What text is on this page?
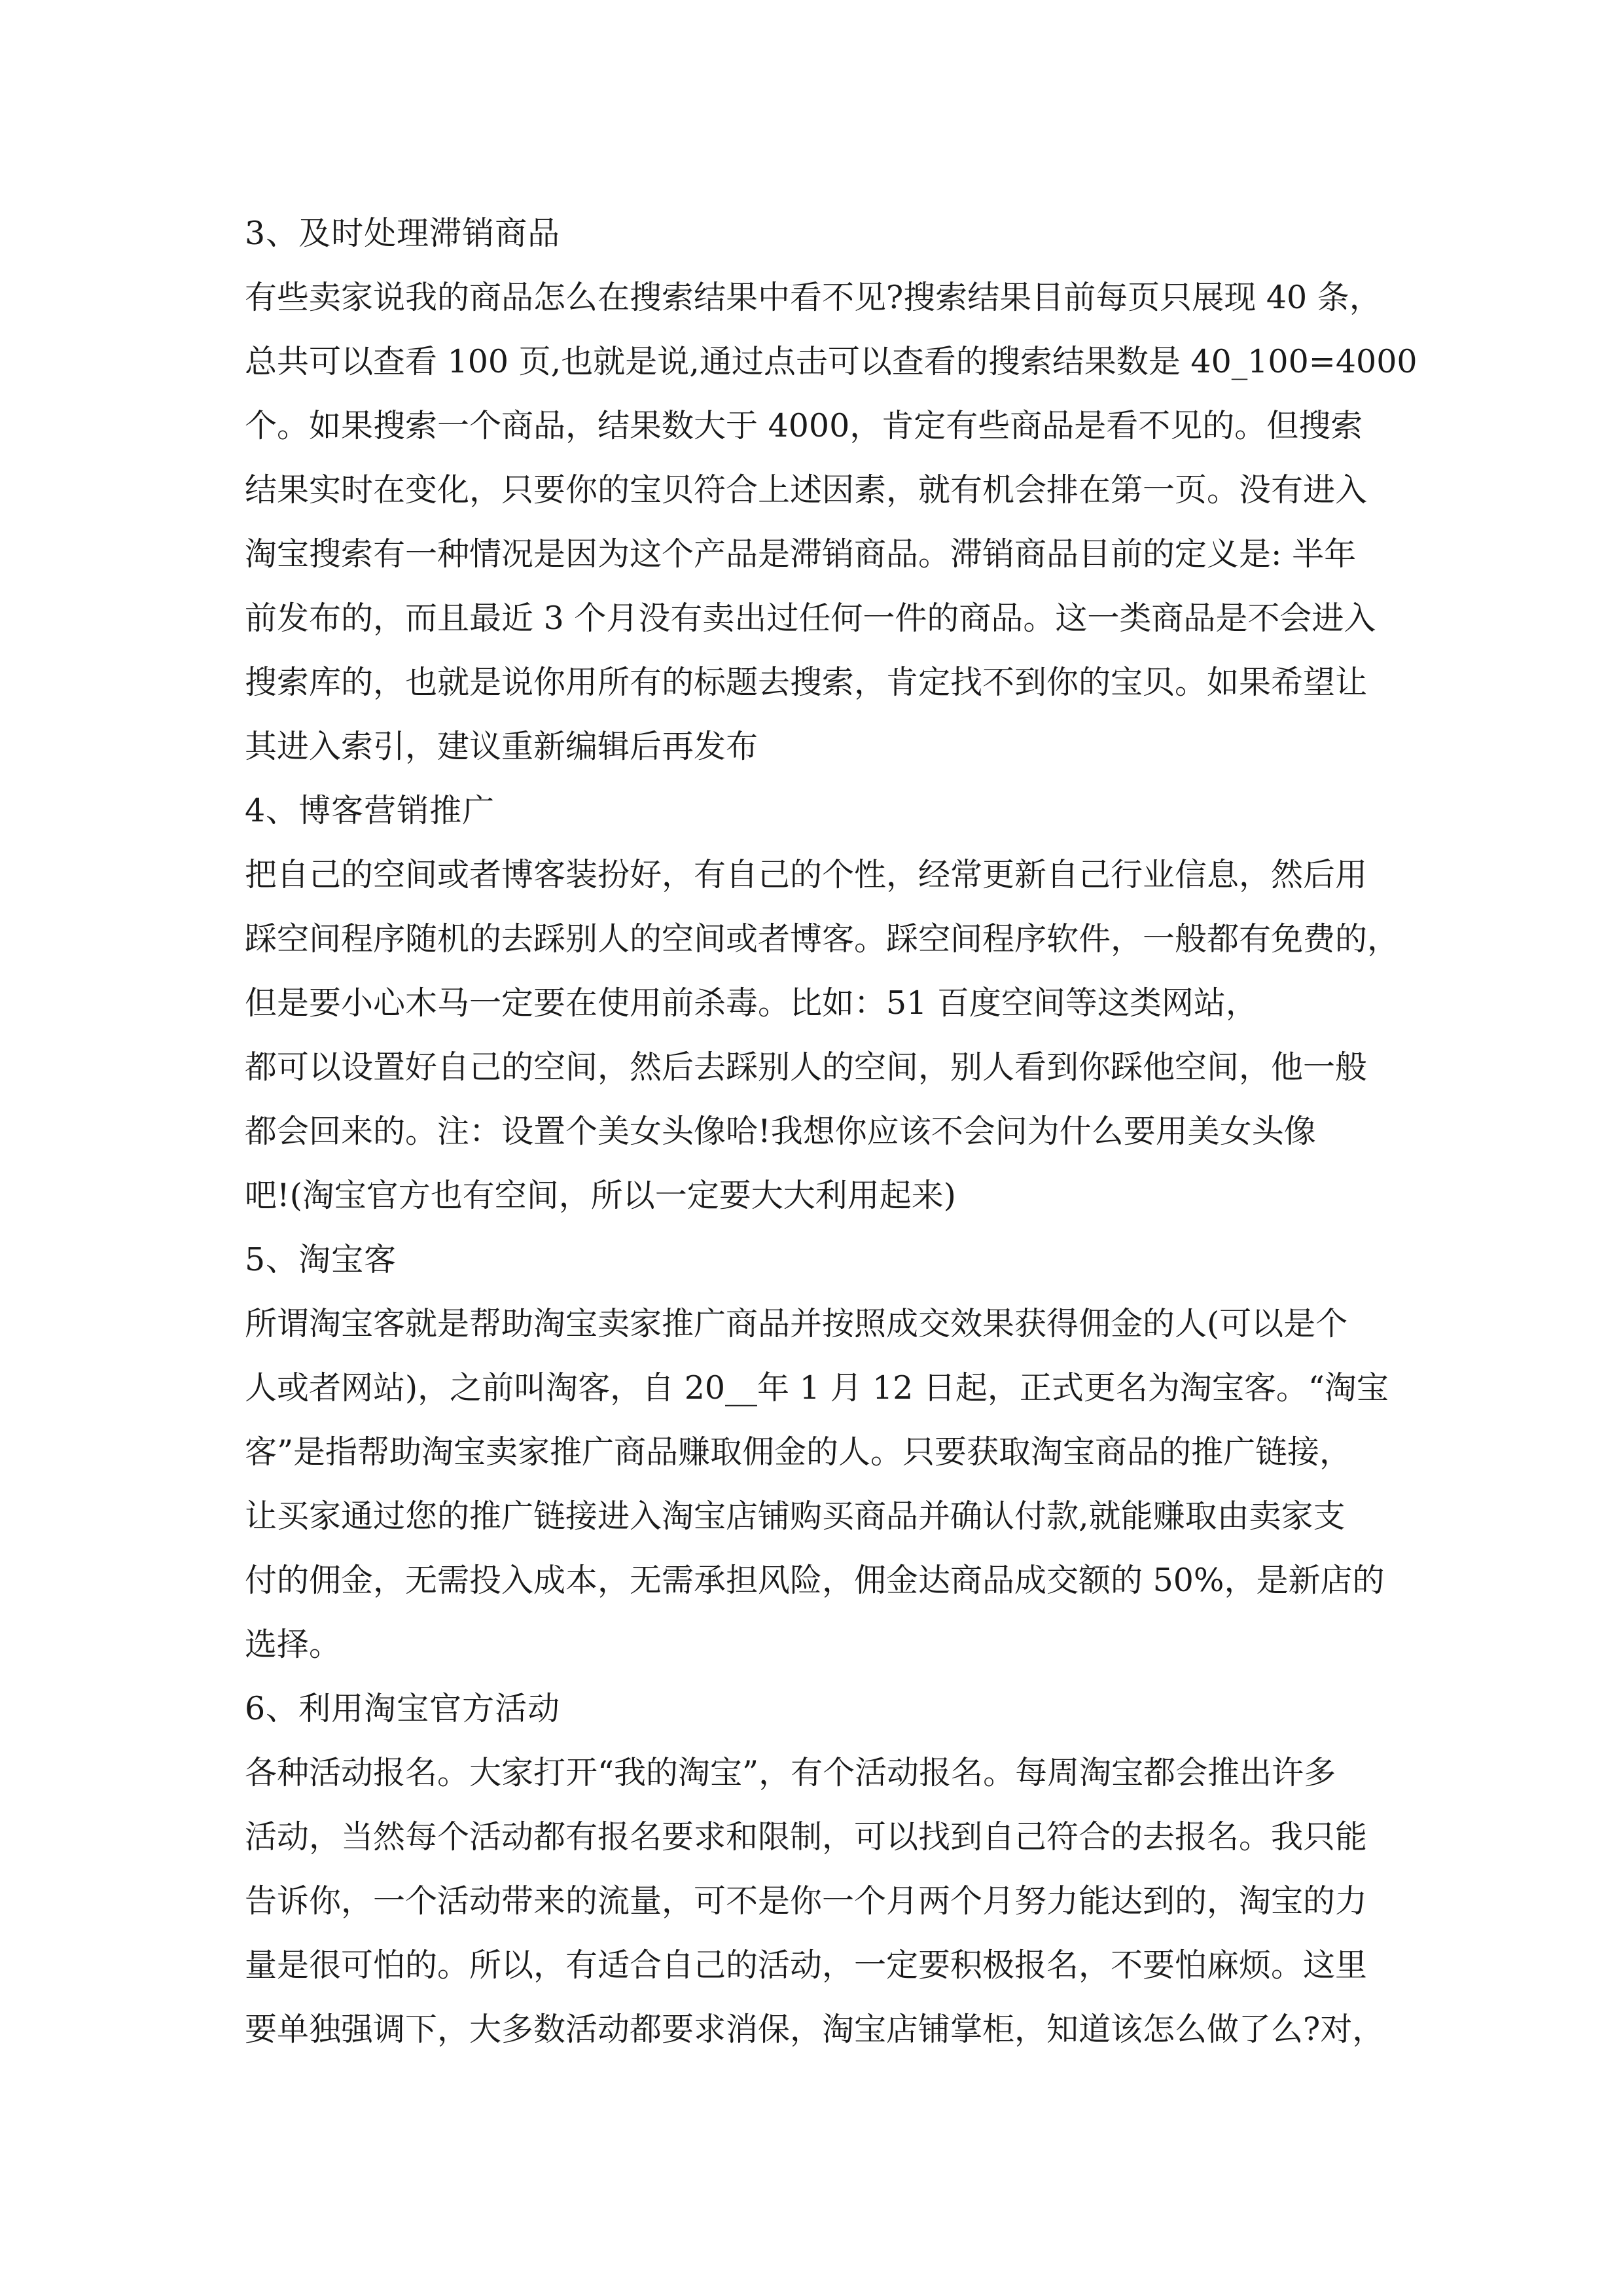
3、及时处理滞销商品
有些卖家说我的商品怎么在搜索结果中看不见?搜索结果目前每页只展现 40 条，
总共可以查看 100 页,也就是说,通过点击可以查看的搜索结果数是 40_100=4000
个。如果搜索一个商品，结果数大于 4000，肯定有些商品是看不见的。但搜索
结果实时在变化，只要你的宝贝符合上述因素，就有机会排在第一页。没有进入
淘宝搜索有一种情况是因为这个产品是滞销商品。滞销商品目前的定义是: 半年
前发布的，而且最近 3 个月没有卖出过任何一件的商品。这一类商品是不会进入
搜索库的，也就是说你用所有的标题去搜索，肯定找不到你的宝贝。如果希望让
其进入索引，建议重新编辑后再发布
4、博客营销推广
把自己的空间或者博客装扮好，有自己的个性，经常更新自己行业信息，然后用
踩空间程序随机的去踩别人的空间或者博客。踩空间程序软件，一般都有免费的，
但是要小心木马一定要在使用前杀毒。比如：51 百度空间等这类网站，
都可以设置好自己的空间，然后去踩别人的空间，别人看到你踩他空间，他一般
都会回来的。注：设置个美女头像哈!我想你应该不会问为什么要用美女头像
吧!(淘宝官方也有空间，所以一定要大大利用起来)
5、淘宝客
所谓淘宝客就是帮助淘宝卖家推广商品并按照成交效果获得佣金的人(可以是个
人或者网站)，之前叫淘客，自 20__年 1 月 12 日起，正式更名为淘宝客。“淘宝
客”是指帮助淘宝卖家推广商品赚取佣金的人。只要获取淘宝商品的推广链接，
让买家通过您的推广链接进入淘宝店铺购买商品并确认付款,就能赚取由卖家支
付的佣金，无需投入成本，无需承担风险，佣金达商品成交额的 50%，是新店的
选择。
6、利用淘宝官方活动
各种活动报名。大家打开“我的淘宝”，有个活动报名。每周淘宝都会推出许多
活动，当然每个活动都有报名要求和限制，可以找到自己符合的去报名。我只能
告诉你，一个活动带来的流量，可不是你一个月两个月努力能达到的，淘宝的力
量是很可怕的。所以，有适合自己的活动，一定要积极报名，不要怕麻烦。这里
要单独强调下，大多数活动都要求消保，淘宝店铺掌柜，知道该怎么做了么?对，
